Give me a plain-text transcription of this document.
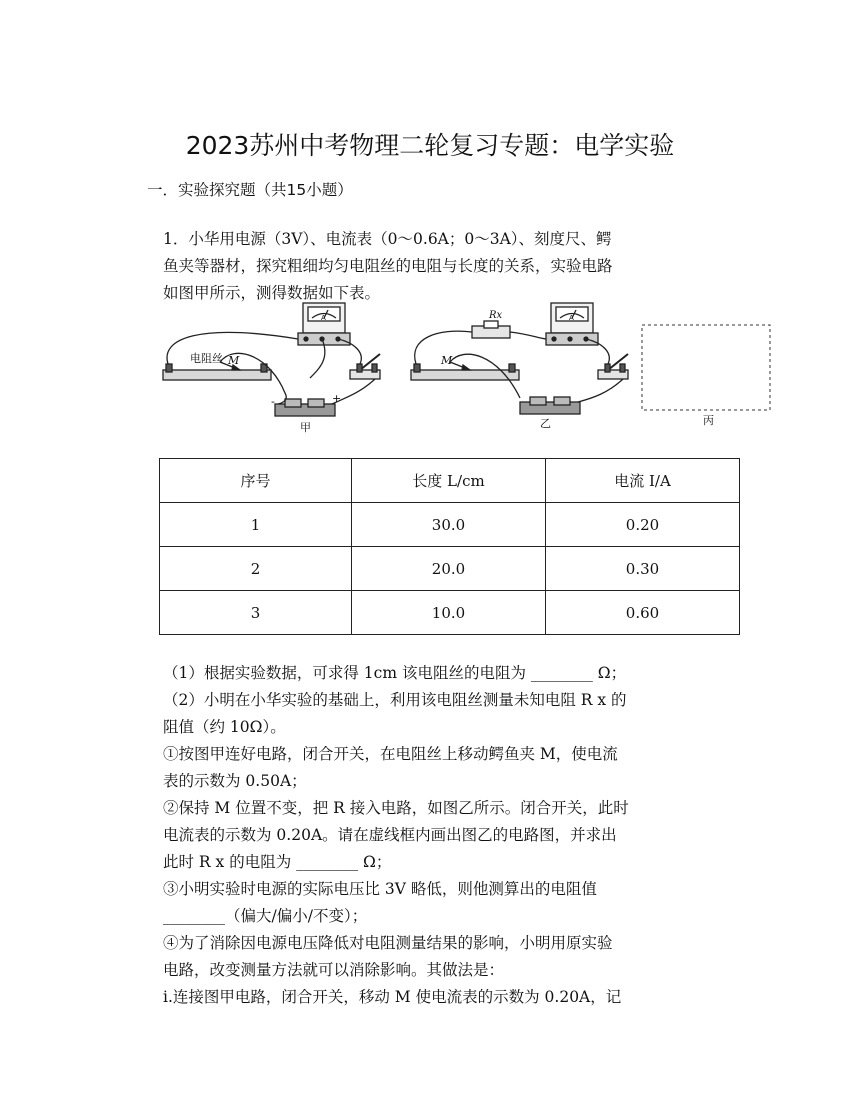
2023苏州中考物理二轮复习专题：电学实验
一．实验探究题（共15小题）
1．小华用电源（3V）、电流表（0～0.6A；0～3A）、刻度尺、鳄
鱼夹等器材，探究粗细均匀电阻丝的电阻与长度的关系，实验电路
如图甲所示，测得数据如下表。
电阻丝 M
A
-	+
甲
Rx
M
A
乙	丙
序号	长度 L/cm	电流 I/A
1	30.0	0.20
2	20.0	0.30
3	10.0	0.60
（1）根据实验数据，可求得 1cm 该电阻丝的电阻为 ________ Ω；
（2）小明在小华实验的基础上，利用该电阻丝测量未知电阻 R x 的
阻值（约 10Ω）。
①按图甲连好电路，闭合开关，在电阻丝上移动鳄鱼夹 M，使电流
表的示数为 0.50A；
②保持 M 位置不变，把 R 接入电路，如图乙所示。闭合开关，此时
电流表的示数为 0.20A。请在虚线框内画出图乙的电路图，并求出
此时 R x 的电阻为 ________ Ω；
③小明实验时电源的实际电压比 3V 略低，则他测算出的电阻值
________（偏大/偏小/不变）；
④为了消除因电源电压降低对电阻测量结果的影响，小明用原实验
电路，改变测量方法就可以消除影响。其做法是：
i.连接图甲电路，闭合开关，移动 M 使电流表的示数为 0.20A，记
